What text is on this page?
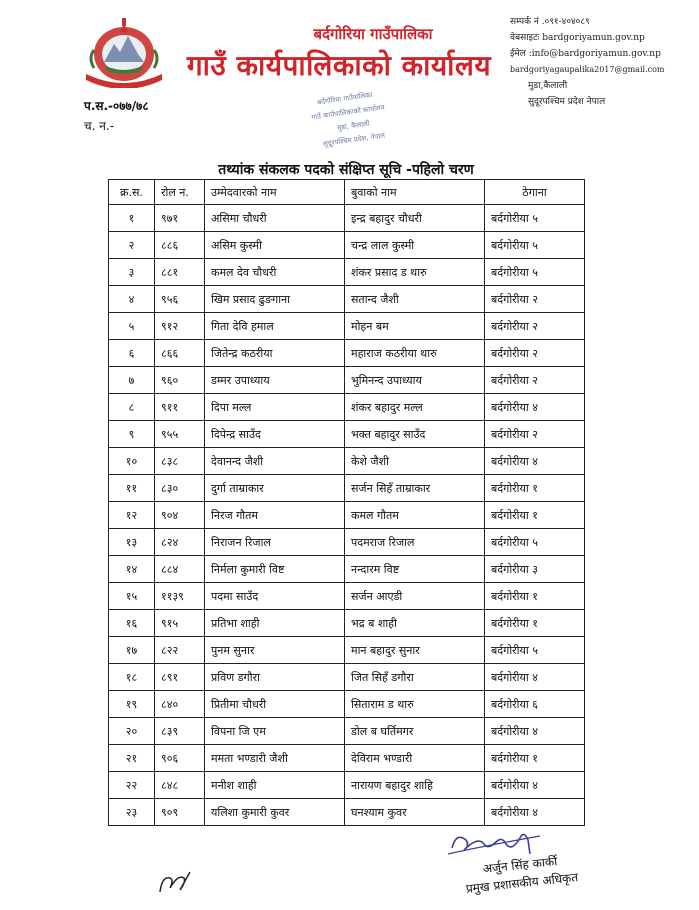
बर्दगोरिया गाउँपालिका
गाउँ कार्यपालिकाको कार्यालय
सम्पर्क नं .०९१-४०४०८९
वेबसाइटः bardgoriyamun.gov.np
ईमेल :info@bardgoriyamun.gov.np
bardgoriyagaupalika2017@gmail.com
मुडा,कैलाली
सुदूरपश्चिम प्रदेश नेपाल
प.स.-०७७/७८
च. न.-
बर्दगोरिया गाउँपालिका
गाउँ कार्यपालिकाको कार्यालय
मुडा, कैलाली
सुदूरपश्चिम प्रदेश, नेपाल
तथ्यांक संकलक पदको संक्षिप्त सूचि -पहिलो चरण
क्र.स.	रोल न.	उम्मेदवारको नाम	बुवाको नाम	ठेगाना
१	९७१	असिमा चौधरी	इन्द्र बहादुर चौधरी	बर्दगोरीया ५
२	८८६	असिम कुस्मी	चन्द्र लाल कुस्मी	बर्दगोरीया ५
३	८८१	कमल देव चौधरी	शंकर प्रसाद ड थारु	बर्दगोरीया ५
४	९५६	खिम प्रसाद ढुङगाना	सतान्द जैशी	बर्दगोरीया २
५	९१२	गिता देवि हमाल	मोहन बम	बर्दगोरीया २
६	८६६	जितेन्द्र कठरीया	महाराज कठरीया थारु	बर्दगोरीया २
७	९६०	डम्मर उपाध्याय	भुमिनन्द उपाध्याय	बर्दगोरीया २
८	९११	दिपा मल्ल	शंकर बहादुर मल्ल	बर्दगोरीया ४
९	९५५	दिपेन्द्र साउँद	भक्त बहादुर साउँद	बर्दगोरीया २
१०	८३८	देवानन्द जैशी	केशे जैशी	बर्दगोरीया ४
११	८३०	दुर्गा ताम्राकार	सर्जन सिहँ ताम्राकार	बर्दगोरीया १
१२	९०४	निरज गौतम	कमल गौतम	बर्दगोरीया १
१३	८२४	निराजन रिजाल	पदमराज रिजाल	बर्दगोरीया ५
१४	८८४	निर्मला कुमारी विष्ट	नन्दारम विष्ट	बर्दगोरीया ३
१५	११३९	पदमा साउँद	सर्जन आएडी	बर्दगोरीया १
१६	९१५	प्रतिभा शाही	भद्र ब शाही	बर्दगोरीया १
१७	८२२	पुनम सुनार	मान बहादुर सुनार	बर्दगोरीया ५
१८	८९१	प्रविण डगौरा	जित सिहँ डगौरा	बर्दगोरीया ४
१९	८४०	प्रितीमा चौधरी	सिताराम ड थारु	बर्दगोरीया ६
२०	८३९	विपना जि एम	डोल ब घर्तिमगर	बर्दगोरीया ४
२१	९०६	ममता भण्डारी जैशी	देविराम भण्डारी	बर्दगोरीया १
२२	८४८	मनीश शाही	नारायण बहादुर शाहि	बर्दगोरीया ४
२३	९०९	यलिशा कुमारी कुवर	घनश्याम कुवर	बर्दगोरीया ४
अर्जुन सिंह कार्की
प्रमुख प्रशासकीय अधिकृत
